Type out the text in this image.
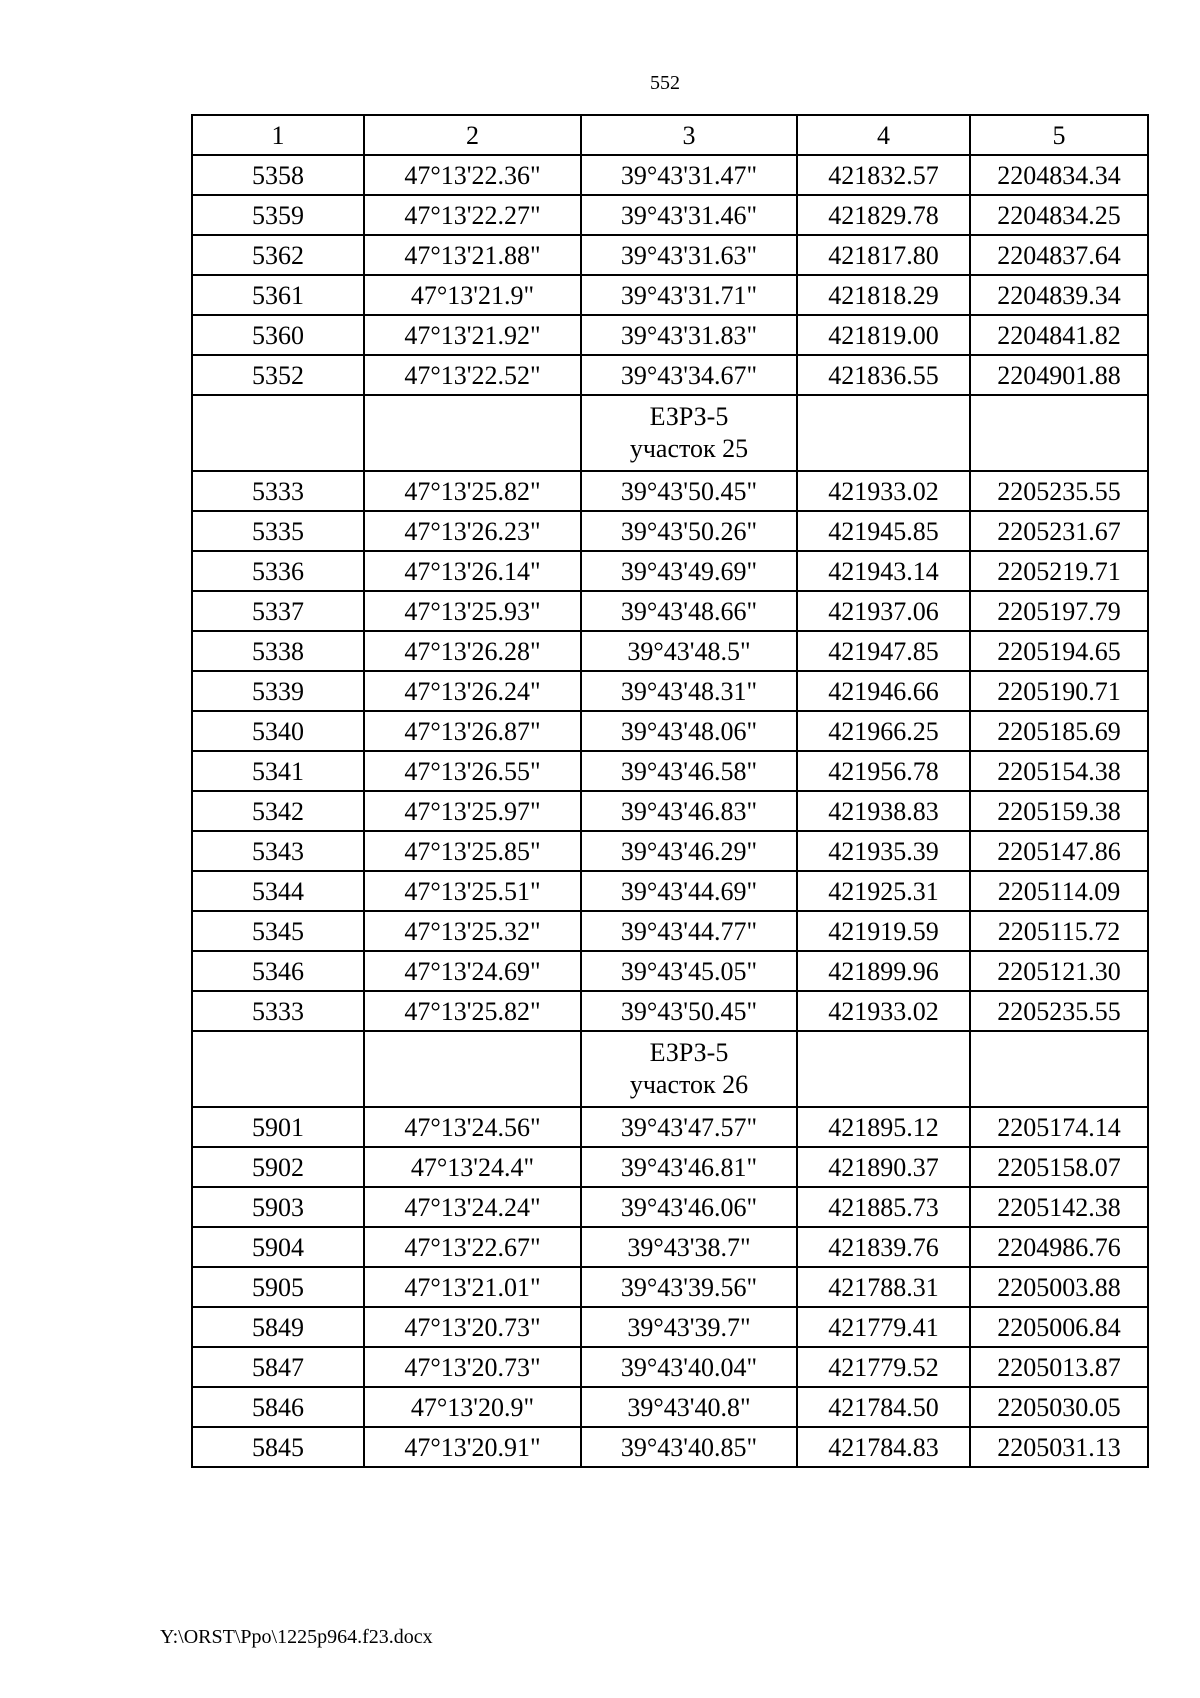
552
1	2	3	4	5
5358	47°13'22.36"	39°43'31.47"	421832.57	2204834.34
5359	47°13'22.27"	39°43'31.46"	421829.78	2204834.25
5362	47°13'21.88"	39°43'31.63"	421817.80	2204837.64
5361	47°13'21.9"	39°43'31.71"	421818.29	2204839.34
5360	47°13'21.92"	39°43'31.83"	421819.00	2204841.82
5352	47°13'22.52"	39°43'34.67"	421836.55	2204901.88

		ЕЗРЗ-5
участок 25		

5333	47°13'25.82"	39°43'50.45"	421933.02	2205235.55
5335	47°13'26.23"	39°43'50.26"	421945.85	2205231.67
5336	47°13'26.14"	39°43'49.69"	421943.14	2205219.71
5337	47°13'25.93"	39°43'48.66"	421937.06	2205197.79
5338	47°13'26.28"	39°43'48.5"	421947.85	2205194.65
5339	47°13'26.24"	39°43'48.31"	421946.66	2205190.71
5340	47°13'26.87"	39°43'48.06"	421966.25	2205185.69
5341	47°13'26.55"	39°43'46.58"	421956.78	2205154.38
5342	47°13'25.97"	39°43'46.83"	421938.83	2205159.38
5343	47°13'25.85"	39°43'46.29"	421935.39	2205147.86
5344	47°13'25.51"	39°43'44.69"	421925.31	2205114.09
5345	47°13'25.32"	39°43'44.77"	421919.59	2205115.72
5346	47°13'24.69"	39°43'45.05"	421899.96	2205121.30
5333	47°13'25.82"	39°43'50.45"	421933.02	2205235.55

		ЕЗРЗ-5
участок 26		

5901	47°13'24.56"	39°43'47.57"	421895.12	2205174.14
5902	47°13'24.4"	39°43'46.81"	421890.37	2205158.07
5903	47°13'24.24"	39°43'46.06"	421885.73	2205142.38
5904	47°13'22.67"	39°43'38.7"	421839.76	2204986.76
5905	47°13'21.01"	39°43'39.56"	421788.31	2205003.88
5849	47°13'20.73"	39°43'39.7"	421779.41	2205006.84
5847	47°13'20.73"	39°43'40.04"	421779.52	2205013.87
5846	47°13'20.9"	39°43'40.8"	421784.50	2205030.05
5845	47°13'20.91"	39°43'40.85"	421784.83	2205031.13
Y:\ORST\Ppo\1225p964.f23.docx
